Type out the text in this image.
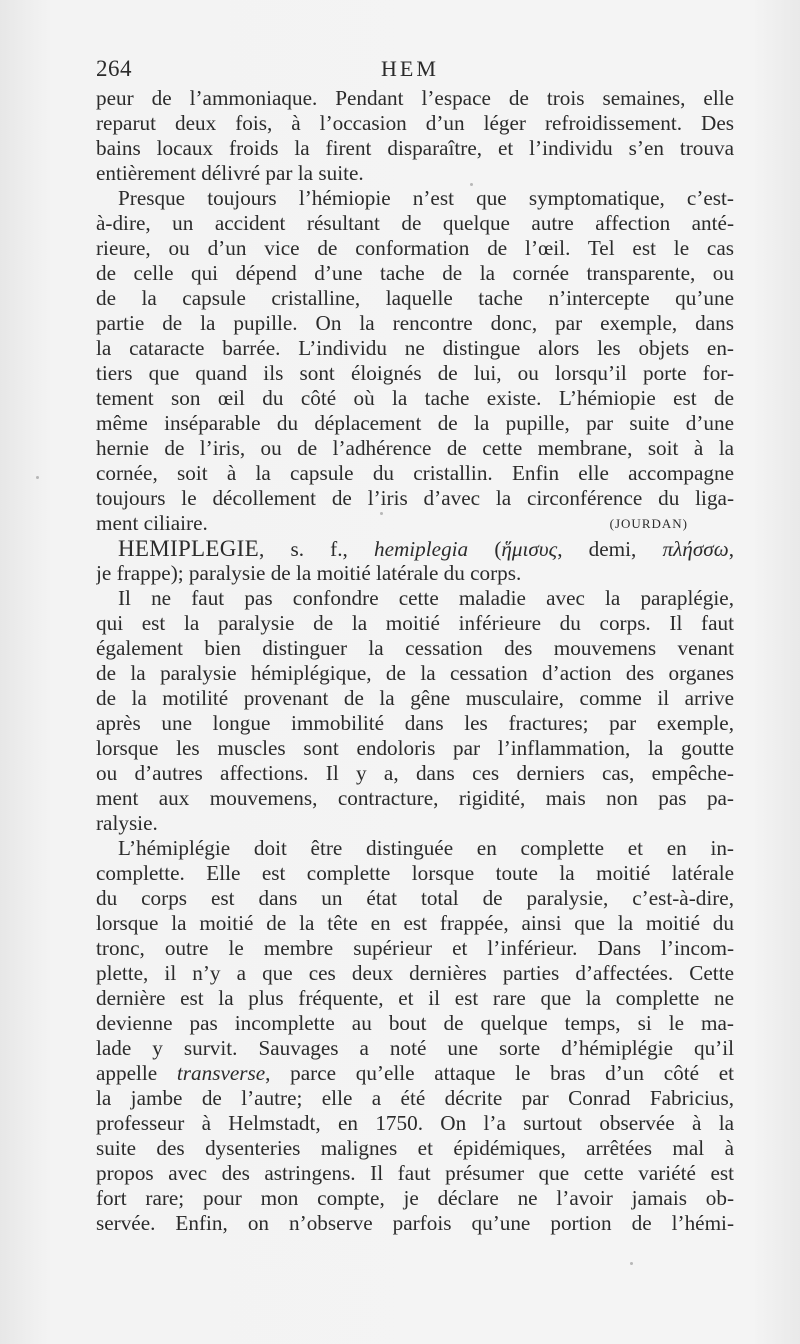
264	HEM
peur de l’ammoniaque. Pendant l’espace de trois semaines, elle
reparut deux fois, à l’occasion d’un léger refroidissement. Des
bains locaux froids la firent disparaître, et l’individu s’en trouva
entièrement délivré par la suite.
Presque toujours l’hémiopie n’est que symptomatique, c’est-
à-dire, un accident résultant de quelque autre affection anté-
rieure, ou d’un vice de conformation de l’œil. Tel est le cas
de celle qui dépend d’une tache de la cornée transparente, ou
de la capsule cristalline, laquelle tache n’intercepte qu’une
partie de la pupille. On la rencontre donc, par exemple, dans
la cataracte barrée. L’individu ne distingue alors les objets en-
tiers que quand ils sont éloignés de lui, ou lorsqu’il porte for-
tement son œil du côté où la tache existe. L’hémiopie est de
même inséparable du déplacement de la pupille, par suite d’une
hernie de l’iris, ou de l’adhérence de cette membrane, soit à la
cornée, soit à la capsule du cristallin. Enfin elle accompagne
toujours le décollement de l’iris d’avec la circonférence du liga-
ment ciliaire.	(JOURDAN)
HEMIPLEGIE, s. f., hemiplegia (ἥμισυς, demi, πλήσσω,
je frappe); paralysie de la moitié latérale du corps.
Il ne faut pas confondre cette maladie avec la paraplégie,
qui est la paralysie de la moitié inférieure du corps. Il faut
également bien distinguer la cessation des mouvemens venant
de la paralysie hémiplégique, de la cessation d’action des organes
de la motilité provenant de la gêne musculaire, comme il arrive
après une longue immobilité dans les fractures; par exemple,
lorsque les muscles sont endoloris par l’inflammation, la goutte
ou d’autres affections. Il y a, dans ces derniers cas, empêche-
ment aux mouvemens, contracture, rigidité, mais non pas pa-
ralysie.
L’hémiplégie doit être distinguée en complette et en in-
complette. Elle est complette lorsque toute la moitié latérale
du corps est dans un état total de paralysie, c’est-à-dire,
lorsque la moitié de la tête en est frappée, ainsi que la moitié du
tronc, outre le membre supérieur et l’inférieur. Dans l’incom-
plette, il n’y a que ces deux dernières parties d’affectées. Cette
dernière est la plus fréquente, et il est rare que la complette ne
devienne pas incomplette au bout de quelque temps, si le ma-
lade y survit. Sauvages a noté une sorte d’hémiplégie qu’il
appelle transverse, parce qu’elle attaque le bras d’un côté et
la jambe de l’autre; elle a été décrite par Conrad Fabricius,
professeur à Helmstadt, en 1750. On l’a surtout observée à la
suite des dysenteries malignes et épidémiques, arrêtées mal à
propos avec des astringens. Il faut présumer que cette variété est
fort rare; pour mon compte, je déclare ne l’avoir jamais ob-
servée. Enfin, on n’observe parfois qu’une portion de l’hémi-
